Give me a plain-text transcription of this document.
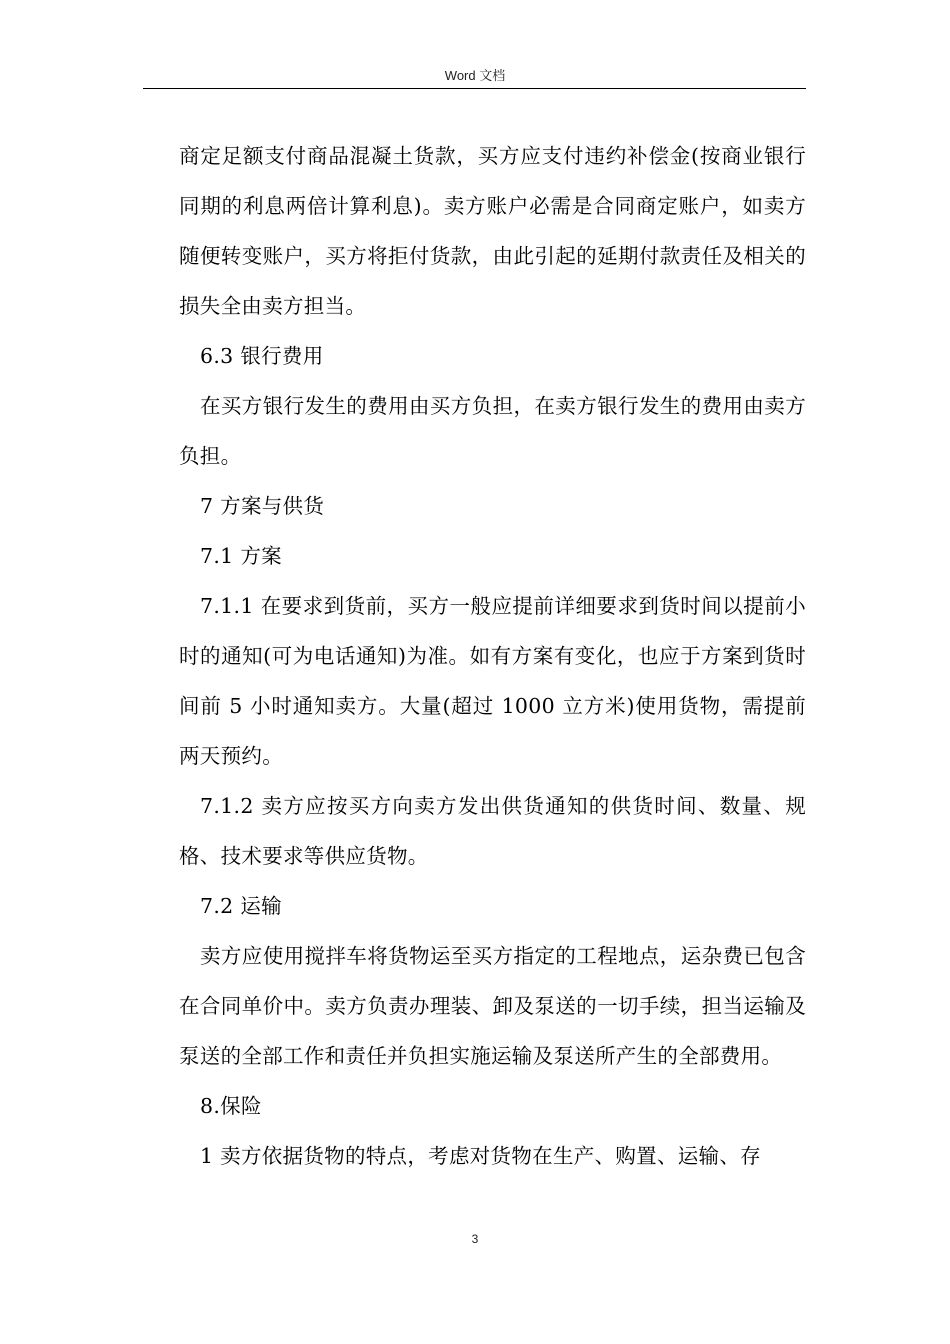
Word 文档

商定足额支付商品混凝土货款，买方应支付违约补偿金(按商业银行同期的利息两倍计算利息)。卖方账户必需是合同商定账户，如卖方随便转变账户，买方将拒付货款，由此引起的延期付款责任及相关的损失全由卖方担当。

6.3 银行费用

在买方银行发生的费用由买方负担，在卖方银行发生的费用由卖方负担。

7 方案与供货

7.1 方案

7.1.1 在要求到货前，买方一般应提前详细要求到货时间以提前小时的通知(可为电话通知)为准。如有方案有变化，也应于方案到货时间前 5 小时通知卖方。大量(超过 1000 立方米)使用货物，需提前两天预约。

7.1.2 卖方应按买方向卖方发出供货通知的供货时间、数量、规格、技术要求等供应货物。

7.2 运输

卖方应使用搅拌车将货物运至买方指定的工程地点，运杂费已包含在合同单价中。卖方负责办理装、卸及泵送的一切手续，担当运输及泵送的全部工作和责任并负担实施运输及泵送所产生的全部费用。

8.保险

1 卖方依据货物的特点，考虑对货物在生产、购置、运输、存

3
